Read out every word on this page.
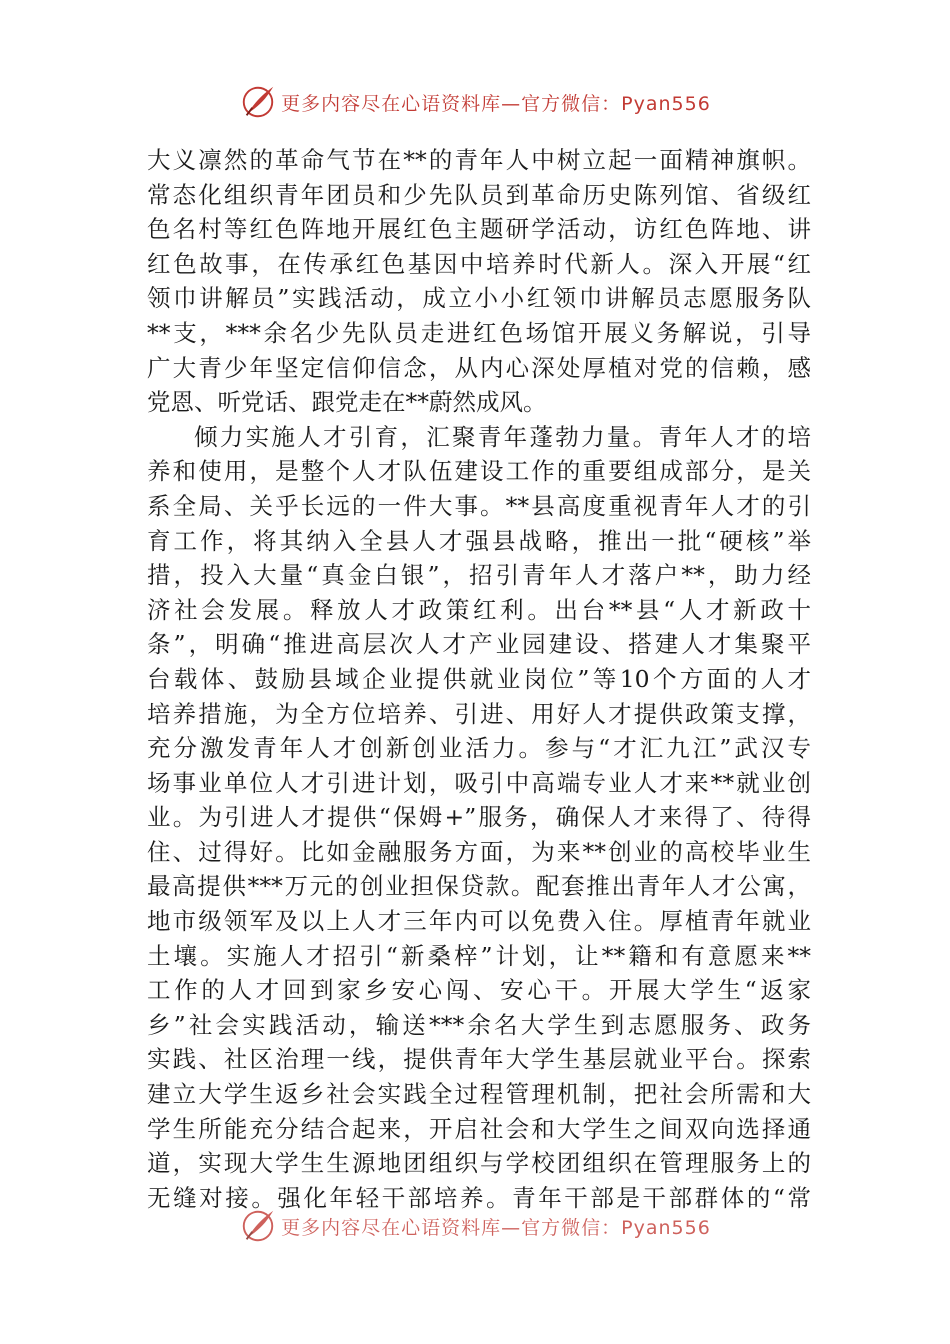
更多内容尽在心语资料库—官方微信：Pyan556
大义凛然的革命气节在**的青年人中树立起一面精神旗帜。
常态化组织青年团员和少先队员到革命历史陈列馆、省级红
色名村等红色阵地开展红色主题研学活动，访红色阵地、讲
红色故事，在传承红色基因中培养时代新人。深入开展“红
领巾讲解员”实践活动，成立小小红领巾讲解员志愿服务队
**支，***余名少先队员走进红色场馆开展义务解说，引导
广大青少年坚定信仰信念，从内心深处厚植对党的信赖，感
党恩、听党话、跟党走在**蔚然成风。
倾力实施人才引育，汇聚青年蓬勃力量。青年人才的培
养和使用，是整个人才队伍建设工作的重要组成部分，是关
系全局、关乎长远的一件大事。**县高度重视青年人才的引
育工作，将其纳入全县人才强县战略，推出一批“硬核”举
措，投入大量“真金白银”，招引青年人才落户**，助力经
济社会发展。释放人才政策红利。出台**县“人才新政十
条”，明确“推进高层次人才产业园建设、搭建人才集聚平
台载体、鼓励县域企业提供就业岗位”等10个方面的人才
培养措施，为全方位培养、引进、用好人才提供政策支撑，
充分激发青年人才创新创业活力。参与“才汇九江”武汉专
场事业单位人才引进计划，吸引中高端专业人才来**就业创
业。为引进人才提供“保姆+”服务，确保人才来得了、待得
住、过得好。比如金融服务方面，为来**创业的高校毕业生
最高提供***万元的创业担保贷款。配套推出青年人才公寓，
地市级领军及以上人才三年内可以免费入住。厚植青年就业
土壤。实施人才招引“新桑梓”计划，让**籍和有意愿来**
工作的人才回到家乡安心闯、安心干。开展大学生“返家
乡”社会实践活动，输送***余名大学生到志愿服务、政务
实践、社区治理一线，提供青年大学生基层就业平台。探索
建立大学生返乡社会实践全过程管理机制，把社会所需和大
学生所能充分结合起来，开启社会和大学生之间双向选择通
道，实现大学生生源地团组织与学校团组织在管理服务上的
无缝对接。强化年轻干部培养。青年干部是干部群体的“常
更多内容尽在心语资料库—官方微信：Pyan556
